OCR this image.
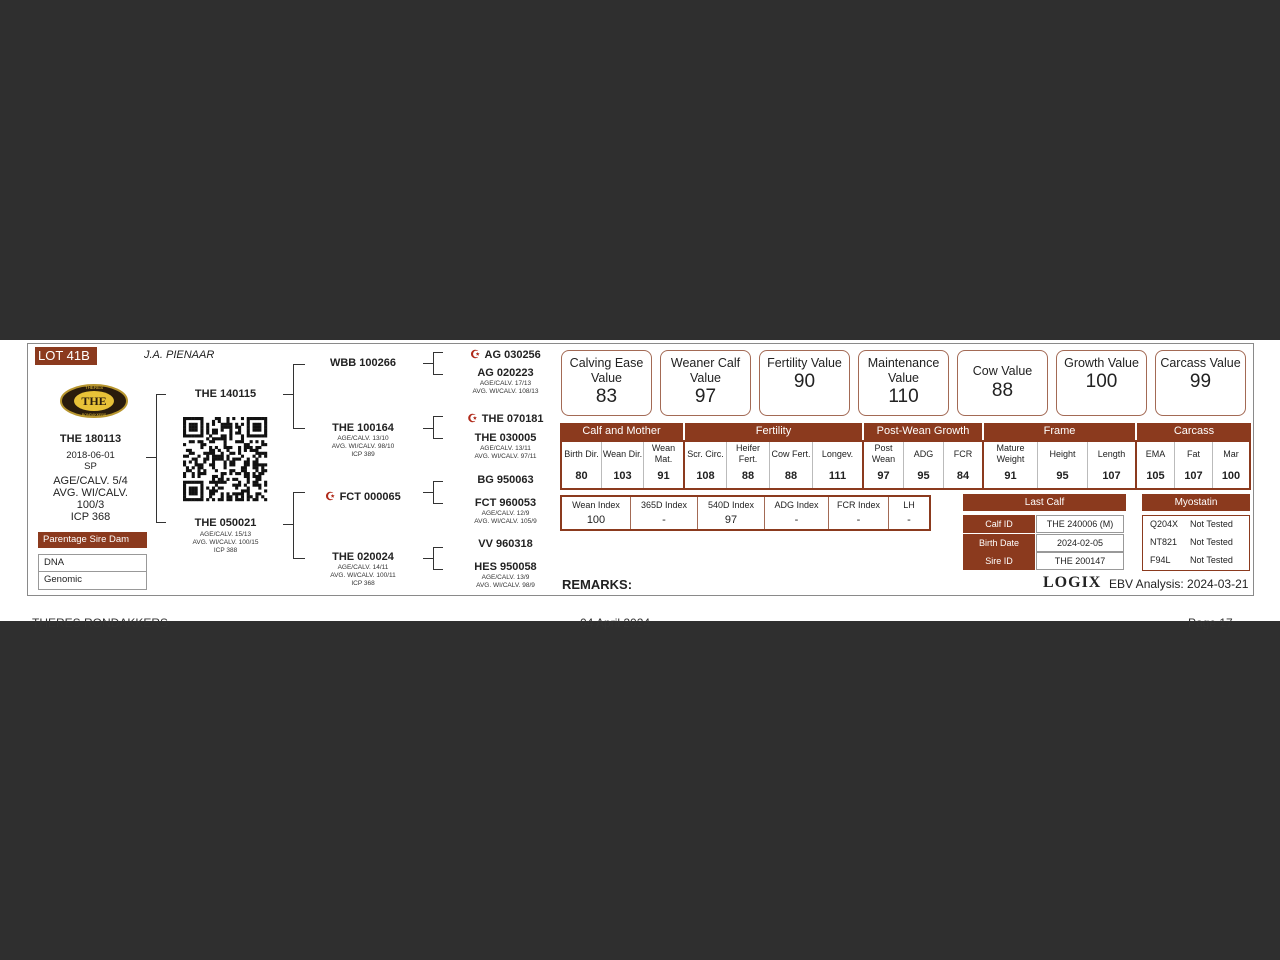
LOT 41B	J.A. PIENAAR
THE
THERES
RONDAKKERS
THE 180113
2018-06-01
SP
AGE/CALV. 5/4
AVG. WI/CALV. 100/3
ICP 368
Parentage Sire Dam
DNA
Genomic
THE 140115
THE 050021
AGE/CALV. 15/13
AVG. WI/CALV. 100/15
ICP 388
WBB 100266
THE 100164
AGE/CALV. 13/10
AVG. WI/CALV. 98/10
ICP 389
☪ FCT 000065
THE 020024
AGE/CALV. 14/11
AVG. WI/CALV. 100/11
ICP 368
☪ AG 030256
AG 020223
AGE/CALV. 17/13
AVG. WI/CALV. 108/13
☪ THE 070181
THE 030005
AGE/CALV. 13/11
AVG. WI/CALV. 97/11
BG 950063
FCT 960053
AGE/CALV. 12/9
AVG. WI/CALV. 105/9
VV 960318
HES 950058
AGE/CALV. 13/9
AVG. WI/CALV. 98/9
Calving Ease Value
83
Weaner Calf Value
97
Fertility Value
90
Maintenance Value
110
Cow Value
88
Growth Value
100
Carcass Value
99
Calf and Mother	Fertility	Post-Wean Growth	Frame	Carcass
Birth Dir.
80
Wean Dir.
103
Wean Mat.
91
Scr. Circ.
108
Heifer Fert.
88
Cow Fert.
88
Longev.
111
Post Wean
97
ADG
95
FCR
84
Mature Weight
91
Height
95
Length
107
EMA
105
Fat
107
Mar
100
Wean Index
100
365D Index
-
540D Index
97
ADG Index
-
FCR Index
-
LH
-
Last Calf
Calf ID	THE 240006 (M)
Birth Date	2024-02-05
Sire ID	THE 200147
Myostatin
Q204X Not Tested
NT821 Not Tested
F94L Not Tested
REMARKS:	LOGIX EBV Analysis: 2024-03-21
THERES RONDAKKERS	04 April 2024	Page 17
